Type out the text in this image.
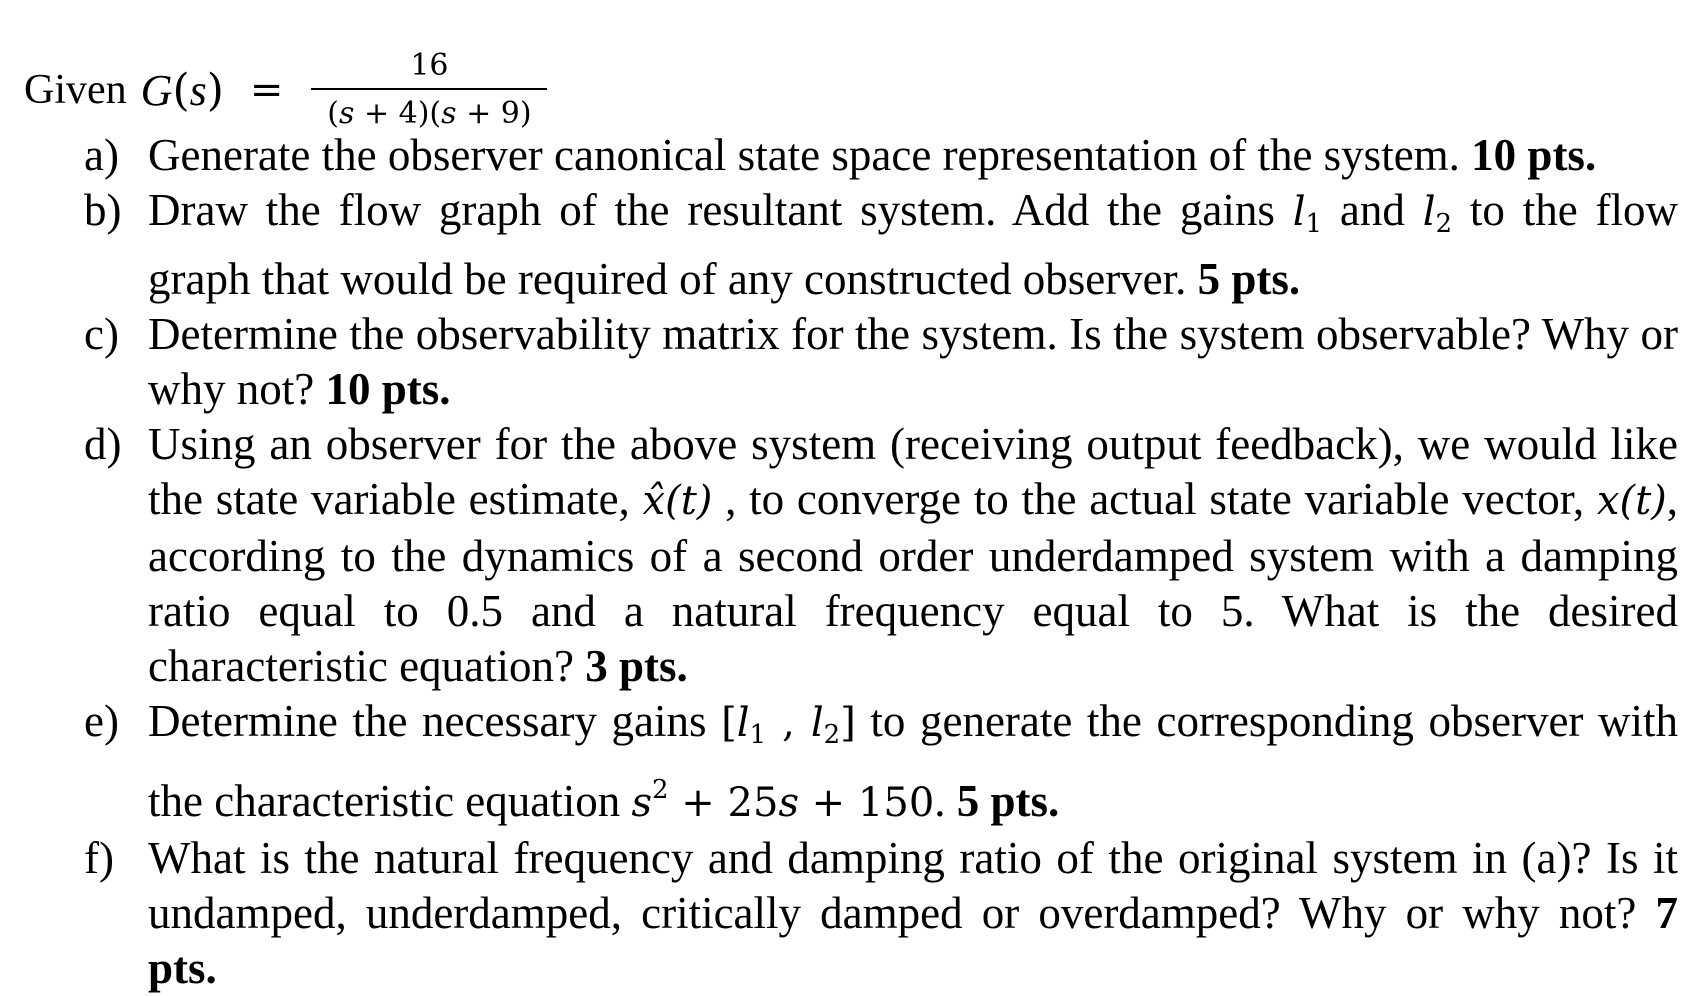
Given G ( s ) = $\frac{16}{(s + 4)(s + 9)}$
a) Generate the observer canonical state space representation of the system. 10 pts.
b) Draw the flow graph of the resultant system. Add the gains $l_1$ and $l_2$ to the flow graph that would be required of any constructed observer. 5 pts.
c) Determine the observability matrix for the system. Is the system observable? Why or why not? 10 pts.
d) Using an observer for the above system (receiving output feedback), we would like the state variable estimate, x̂(t) , to converge to the actual state variable vector, x(t), according to the dynamics of a second order underdamped system with a damping ratio equal to 0.5 and a natural frequency equal to 5. What is the desired characteristic equation? 3 pts.
e) Determine the necessary gains [$l_1$ , $l_2$] to generate the corresponding observer with the characteristic equation $s^2 + 25s + 150$. 5 pts.
f) What is the natural frequency and damping ratio of the original system in (a)? Is it undamped, underdamped, critically damped or overdamped? Why or why not? 7 pts.
